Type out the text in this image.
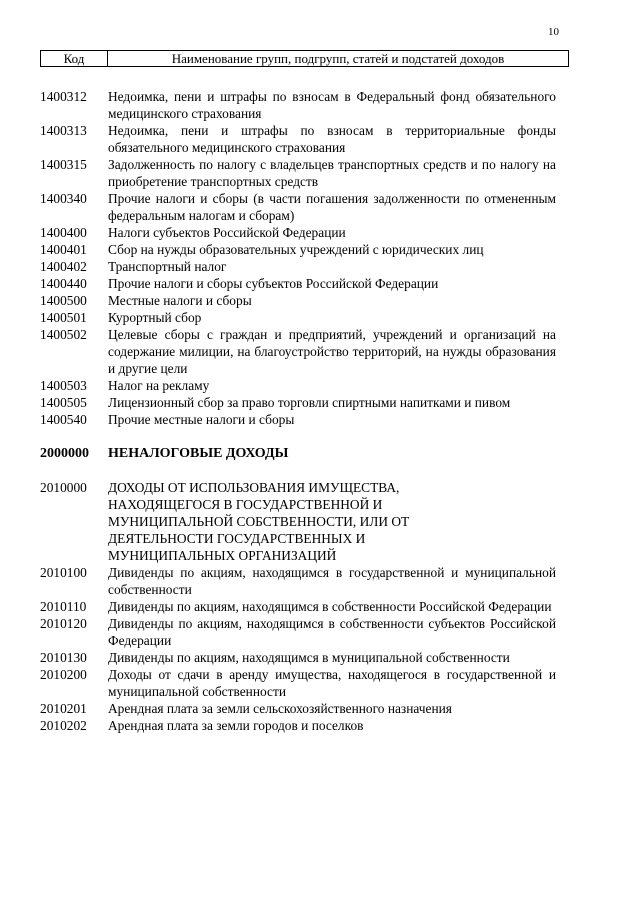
10
Код	Наименование групп, подгрупп, статей и подстатей доходов
1400312	Недоимка, пени и штрафы по взносам в Федеральный фонд обязательного медицинского страхования
1400313	Недоимка, пени и штрафы по взносам в территориальные фонды обязательного медицинского страхования
1400315	Задолженность по налогу с владельцев транспортных средств и по налогу на приобретение транспортных средств
1400340	Прочие налоги и сборы (в части погашения задолженности по отмененным федеральным налогам и сборам)
1400400	Налоги субъектов Российской Федерации
1400401	Сбор на нужды образовательных учреждений с юридических лиц
1400402	Транспортный налог
1400440	Прочие налоги и сборы субъектов Российской Федерации
1400500	Местные налоги и сборы
1400501	Курортный сбор
1400502	Целевые сборы с граждан и предприятий, учреждений и организаций на содержание милиции, на благоустройство территорий, на нужды образования и другие цели
1400503	Налог на рекламу
1400505	Лицензионный сбор за право торговли спиртными напитками и пивом
1400540	Прочие местные налоги и сборы
2000000	НЕНАЛОГОВЫЕ ДОХОДЫ
2010000	ДОХОДЫ ОТ ИСПОЛЬЗОВАНИЯ ИМУЩЕСТВА, НАХОДЯЩЕГОСЯ В ГОСУДАРСТВЕННОЙ И МУНИЦИПАЛЬНОЙ СОБСТВЕННОСТИ, ИЛИ ОТ ДЕЯТЕЛЬНОСТИ ГОСУДАРСТВЕННЫХ И МУНИЦИПАЛЬНЫХ ОРГАНИЗАЦИЙ
2010100	Дивиденды по акциям, находящимся в государственной и муниципальной собственности
2010110	Дивиденды по акциям, находящимся в собственности Российской Федерации
2010120	Дивиденды по акциям, находящимся в собственности субъектов Российской Федерации
2010130	Дивиденды по акциям, находящимся в муниципальной собственности
2010200	Доходы от сдачи в аренду имущества, находящегося в государственной и муниципальной собственности
2010201	Арендная плата за земли сельскохозяйственного назначения
2010202	Арендная плата за земли городов и поселков
